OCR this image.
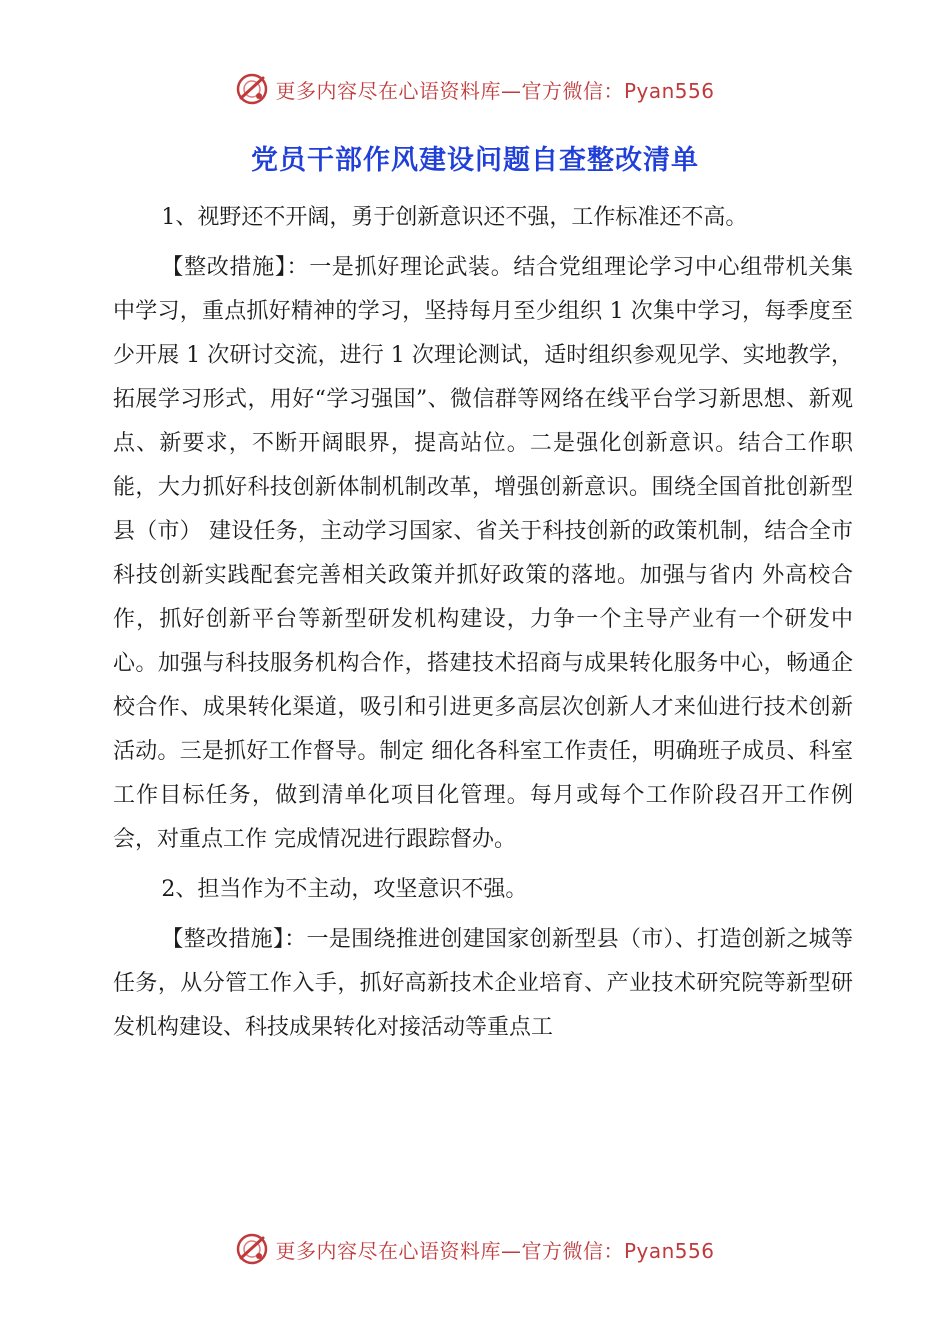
更多内容尽在心语资料库—官方微信：Pyan556
党员干部作风建设问题自查整改清单

1、视野还不开阔，勇于创新意识还不强，工作标准还不高。

【整改措施】：一是抓好理论武装。结合党组理论学习中心组带机关集中学习，重点抓好精神的学习，坚持每月至少组织 1 次集中学习，每季度至少开展 1 次研讨交流，进行 1 次理论测试，适时组织参观见学、实地教学，拓展学习形式，用好“学习强国”、微信群等网络在线平台学习新思想、新观点、新要求，不断开阔眼界，提高站位。二是强化创新意识。结合工作职能，大力抓好科技创新体制机制改革，增强创新意识。围绕全国首批创新型县（市） 建设任务，主动学习国家、省关于科技创新的政策机制，结合全市科技创新实践配套完善相关政策并抓好政策的落地。加强与省内 外高校合作，抓好创新平台等新型研发机构建设，力争一个主导产业有一个研发中心。加强与科技服务机构合作，搭建技术招商与成果转化服务中心，畅通企校合作、成果转化渠道，吸引和引进更多高层次创新人才来仙进行技术创新活动。三是抓好工作督导。制定 细化各科室工作责任，明确班子成员、科室工作目标任务，做到清单化项目化管理。每月或每个工作阶段召开工作例会，对重点工作 完成情况进行跟踪督办。

2、担当作为不主动，攻坚意识不强。

【整改措施】：一是围绕推进创建国家创新型县（市）、打造创新之城等任务，从分管工作入手，抓好高新技术企业培育、产业技术研究院等新型研发机构建设、科技成果转化对接活动等重点工

更多内容尽在心语资料库—官方微信：Pyan556
